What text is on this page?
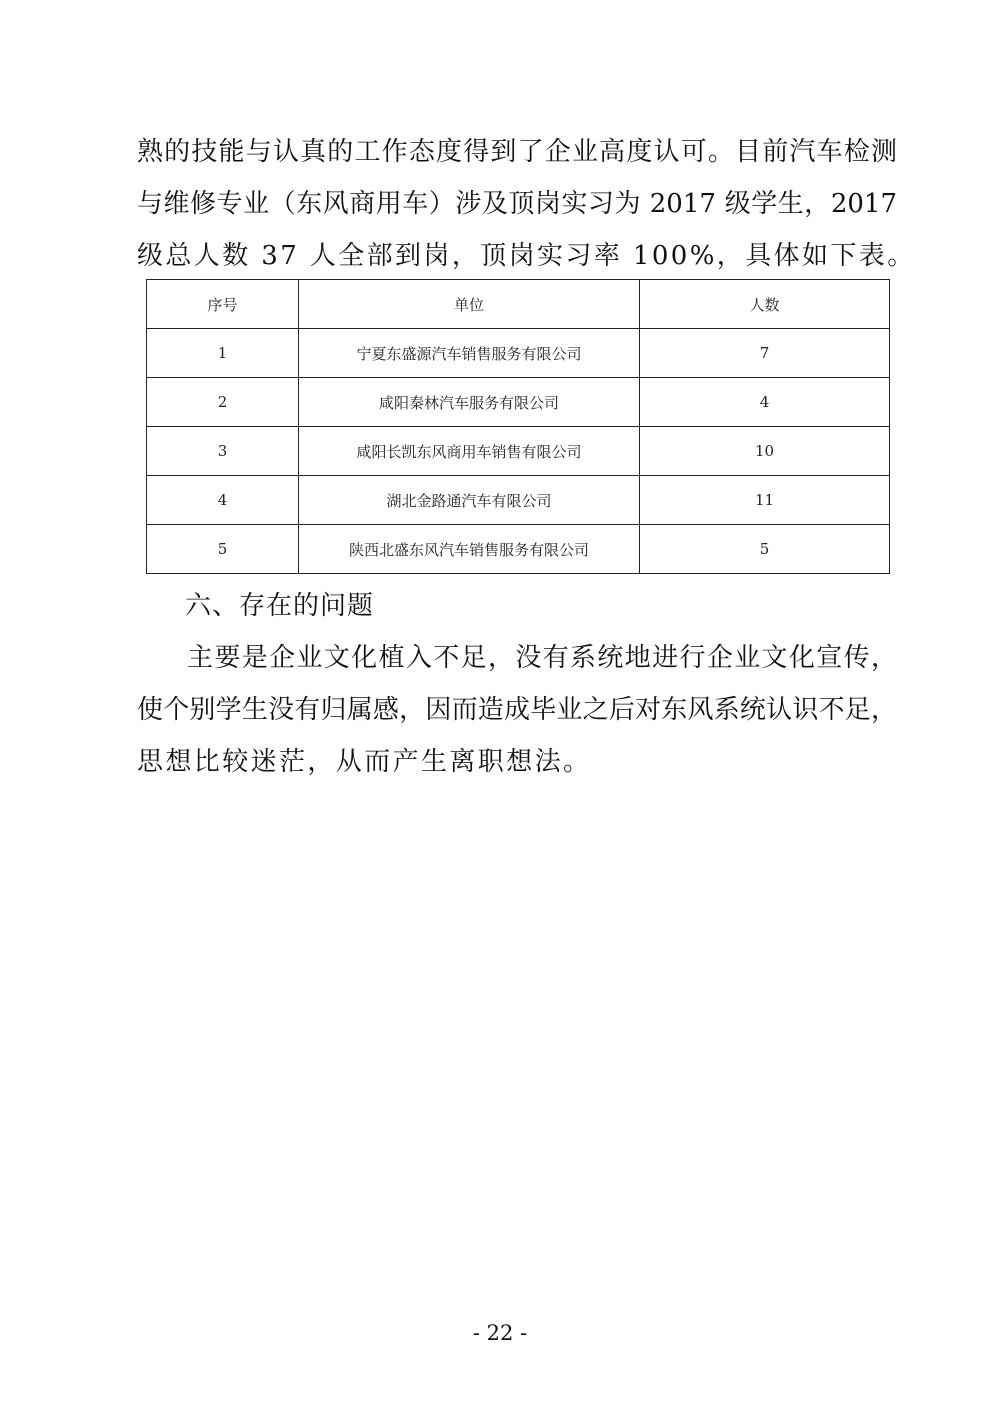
熟的技能与认真的工作态度得到了企业高度认可。目前汽车检测
与维修专业（东风商用车）涉及顶岗实习为 2017 级学生，2017
级总人数 37 人全部到岗，顶岗实习率 100%，具体如下表。
序号	单位	人数
1	宁夏东盛源汽车销售服务有限公司	7
2	咸阳秦林汽车服务有限公司	4
3	咸阳长凯东风商用车销售有限公司	10
4	湖北金路通汽车有限公司	11
5	陕西北盛东风汽车销售服务有限公司	5
六、存在的问题
主要是企业文化植入不足，没有系统地进行企业文化宣传，
使个别学生没有归属感，因而造成毕业之后对东风系统认识不足，
思想比较迷茫，从而产生离职想法。
- 22 -
